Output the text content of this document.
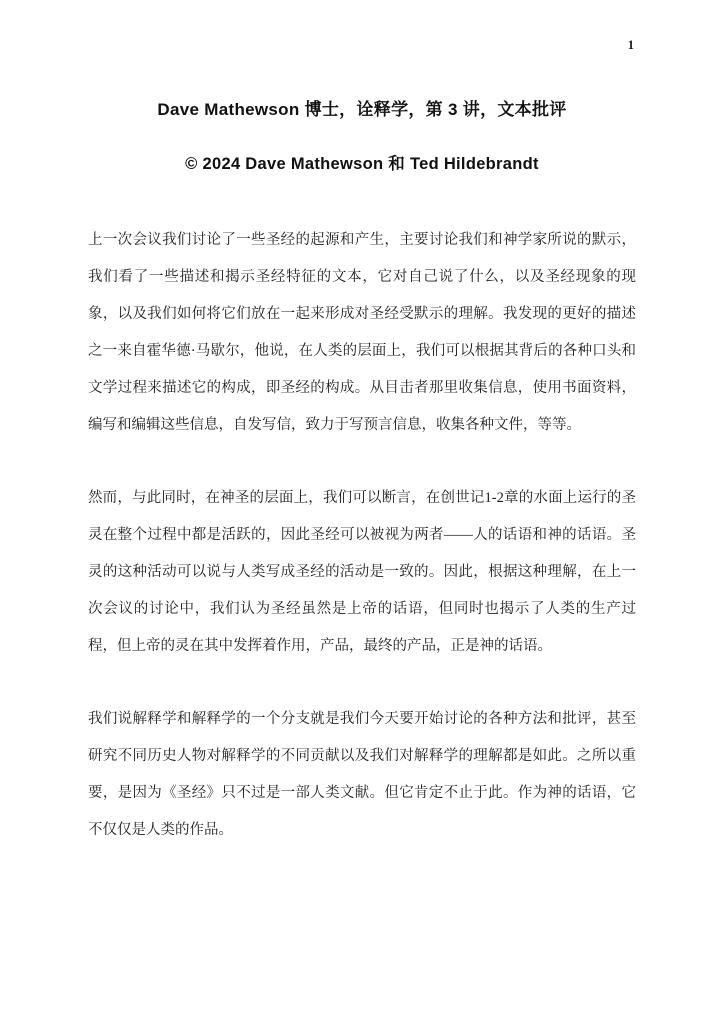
1
Dave Mathewson 博士，诠释学，第 3 讲，文本批评
© 2024 Dave Mathewson 和 Ted Hildebrandt

上一次会议我们讨论了一些圣经的起源和产生，主要讨论我们和神学家所说的默示，我们看了一些描述和揭示圣经特征的文本，它对自己说了什么，以及圣经现象的现象，以及我们如何将它们放在一起来形成对圣经受默示的理解。我发现的更好的描述之一来自霍华德·马歇尔，他说，在人类的层面上，我们可以根据其背后的各种口头和文学过程来描述它的构成，即圣经的构成。从目击者那里收集信息，使用书面资料，编写和编辑这些信息，自发写信，致力于写预言信息，收集各种文件，等等。

然而，与此同时，在神圣的层面上，我们可以断言，在创世记1-2章的水面上运行的圣灵在整个过程中都是活跃的，因此圣经可以被视为两者——人的话语和神的话语。圣灵的这种活动可以说与人类写成圣经的活动是一致的。因此，根据这种理解，在上一次会议的讨论中，我们认为圣经虽然是上帝的话语，但同时也揭示了人类的生产过程，但上帝的灵在其中发挥着作用，产品，最终的产品，正是神的话语。

我们说解释学和解释学的一个分支就是我们今天要开始讨论的各种方法和批评，甚至研究不同历史人物对解释学的不同贡献以及我们对解释学的理解都是如此。之所以重要，是因为《圣经》只不过是一部人类文献。但它肯定不止于此。作为神的话语，它不仅仅是人类的作品。
